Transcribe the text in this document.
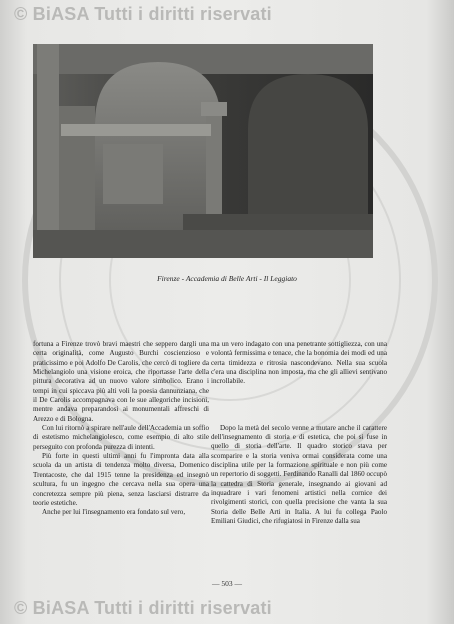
© BiASA Tutti i diritti riservati
Firenze - Accademia di Belle Arti - Il Leggiato

fortuna a Firenze trovò bravi maestri che seppero dargli una certa originalità, come Augusto Burchi coscienzioso e praticissimo e poi Adolfo De Carolis, che cercò di togliere da Michelangiolo una visione eroica, che riportasse l'arte della pittura decorativa ad un nuovo valore simbolico. Erano i tempi in cui spiccava più alti voli la poesia dannunziana, che il De Carolis accompagnava con le sue allegoriche incisioni, mentre andava preparandosi ai monumentali affreschi di Arezzo e di Bologna.

Con lui ritornò a spirare nell'aule dell'Accademia un soffio di estetismo michelangiolesco, come esempio di alto stile perseguito con profonda purezza di intenti.

Più forte in questi ultimi anni fu l'impronta data alla scuola da un artista di tendenza molto diversa, Domenico Trentacoste, che dal 1915 tenne la presidenza ed insegnò scultura, fu un ingegno che cercava nella sua opera una concretezza sempre più piena, senza lasciarsi distrarre da teorie estetiche.

Anche per lui l'insegnamento era fondato sul vero,

ma un vero indagato con una penetrante sottigliezza, con una volontà fermissima e tenace, che la bonomia dei modi ed una certa timidezza e ritrosia nascondevano. Nella sua scuola c'era una disciplina non imposta, ma che gli allievi sentivano incrollabile.

Dopo la metà del secolo venne a mutare anche il carattere dell'insegnamento di storia e di estetica, che poi si fuse in quello di storia dell'arte. Il quadro storico stava per scomparire e la storia veniva ormai considerata come una disciplina utile per la formazione spirituale e non più come un repertorio di soggetti. Ferdinando Ranalli dal 1860 occupò la cattedra di Storia generale, insegnando ai giovani ad inquadrare i vari fenomeni artistici nella cornice dei rivolgimenti storici, con quella precisione che vanta la sua Storia delle Belle Arti in Italia. A lui fu collega Paolo Emiliani Giudici, che rifugiatosi in Firenze dalla sua

— 503 —
© BiASA Tutti i diritti riservati
